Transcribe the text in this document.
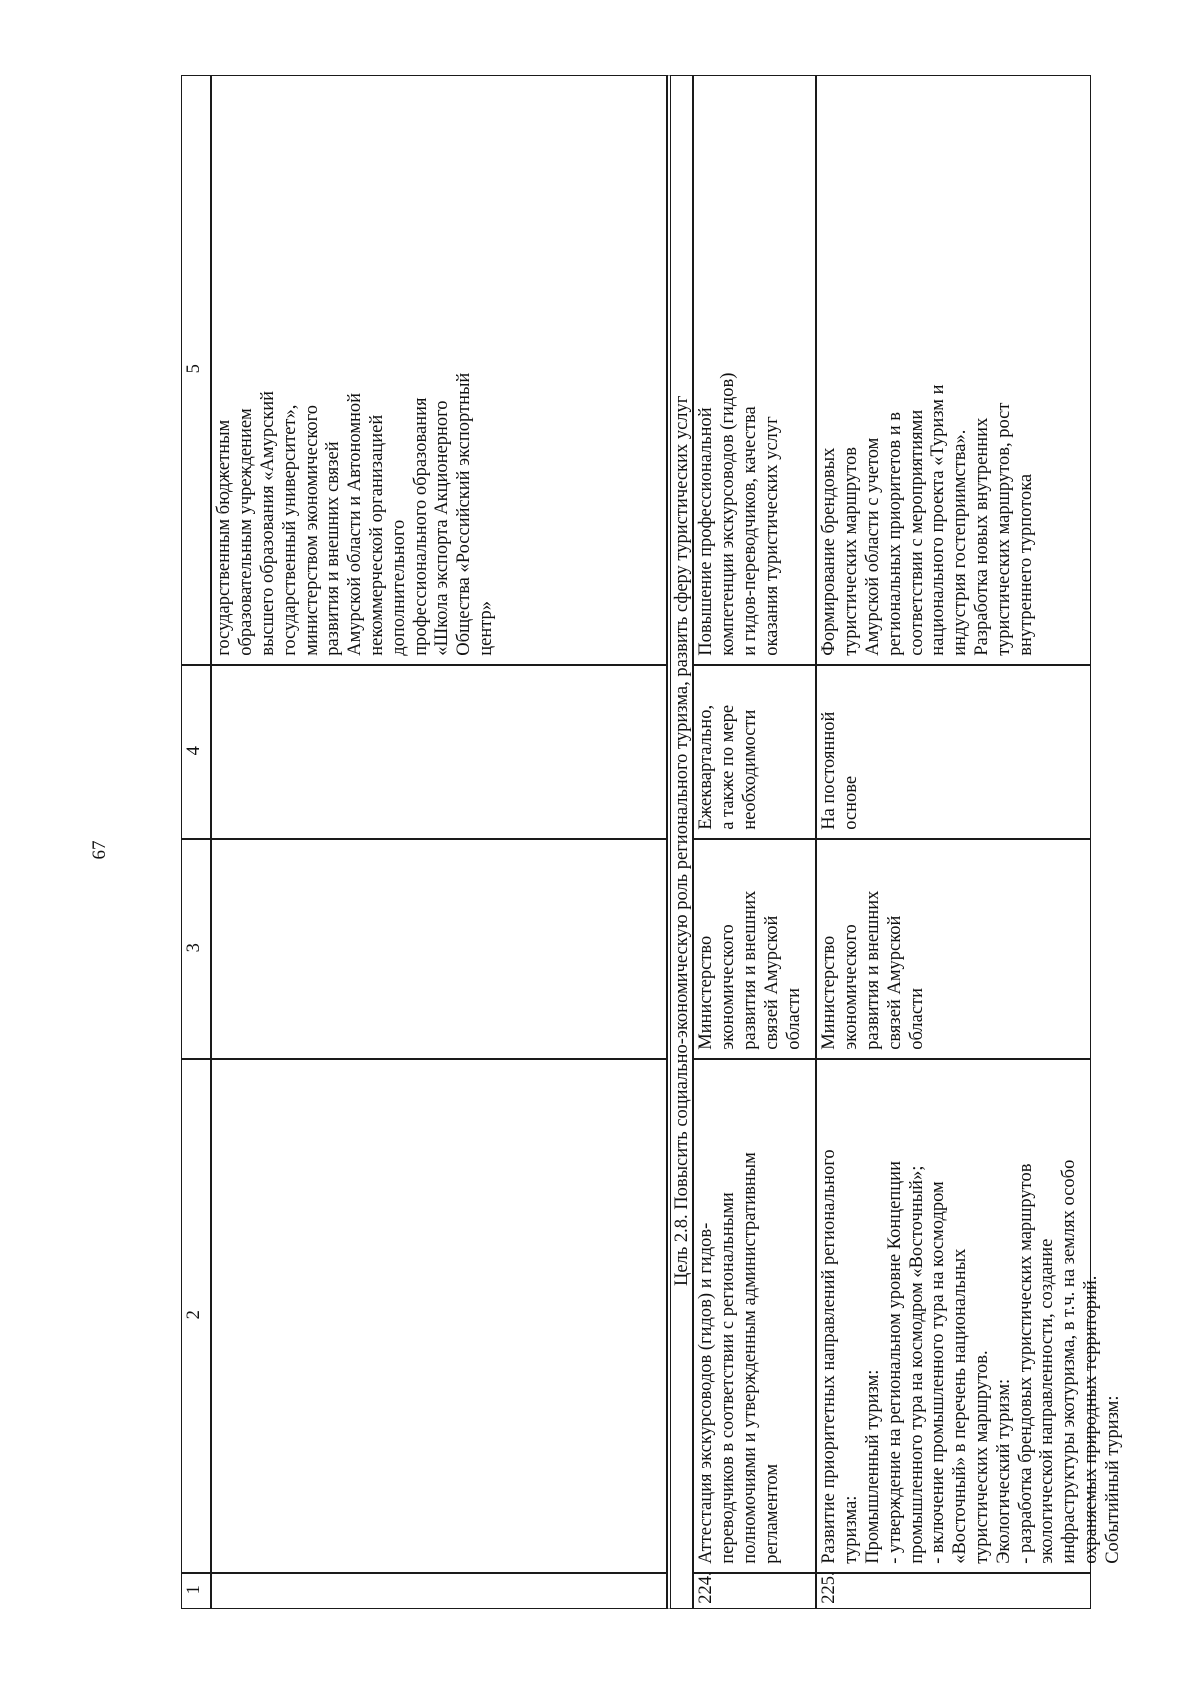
67
1
2
3
4
5
государственным бюджетным образовательным учреждением высшего образования «Амурский государственный университет», министерством экономического развития и внешних связей Амурской области и Автономной некоммерческой организацией дополнительного профессионального образования «Школа экспорта Акционерного Общества «Российский экспортный центр»	Цель 2.8. Повысить социально-экономическую роль регионального туризма, развить сферу туристических услуг
224.
Аттестация экскурсоводов (гидов) и гидов- переводчиков в соответствии с региональными полномочиями и утвержденным административным регламентом
Министерство экономического развития и внешних связей Амурской области
Ежеквартально, а также по мере необходимости
Повышение профессиональной компетенции экскурсоводов (гидов) и гидов-переводчиков, качества оказания туристических услуг
225.
Развитие приоритетных направлений регионального туризма: Промышленный туризм: - утверждение на региональном уровне Концепции промышленного тура на космодром «Восточный»; - включение промышленного тура на космодром «Восточный» в перечень национальных туристических маршрутов. Экологический туризм: - разработка брендовых туристических маршрутов экологической направленности, создание инфраструктуры экотуризма, в т.ч. на землях особо охраняемых природных территорий. Событийный туризм:
Министерство экономического развития и внешних связей Амурской области
На постоянной основе
Формирование брендовых туристических маршрутов Амурской области с учетом региональных приоритетов и в соответствии с мероприятиями национального проекта «Туризм и индустрия гостеприимства». Разработка новых внутренних туристических маршрутов, рост внутреннего турпотока
